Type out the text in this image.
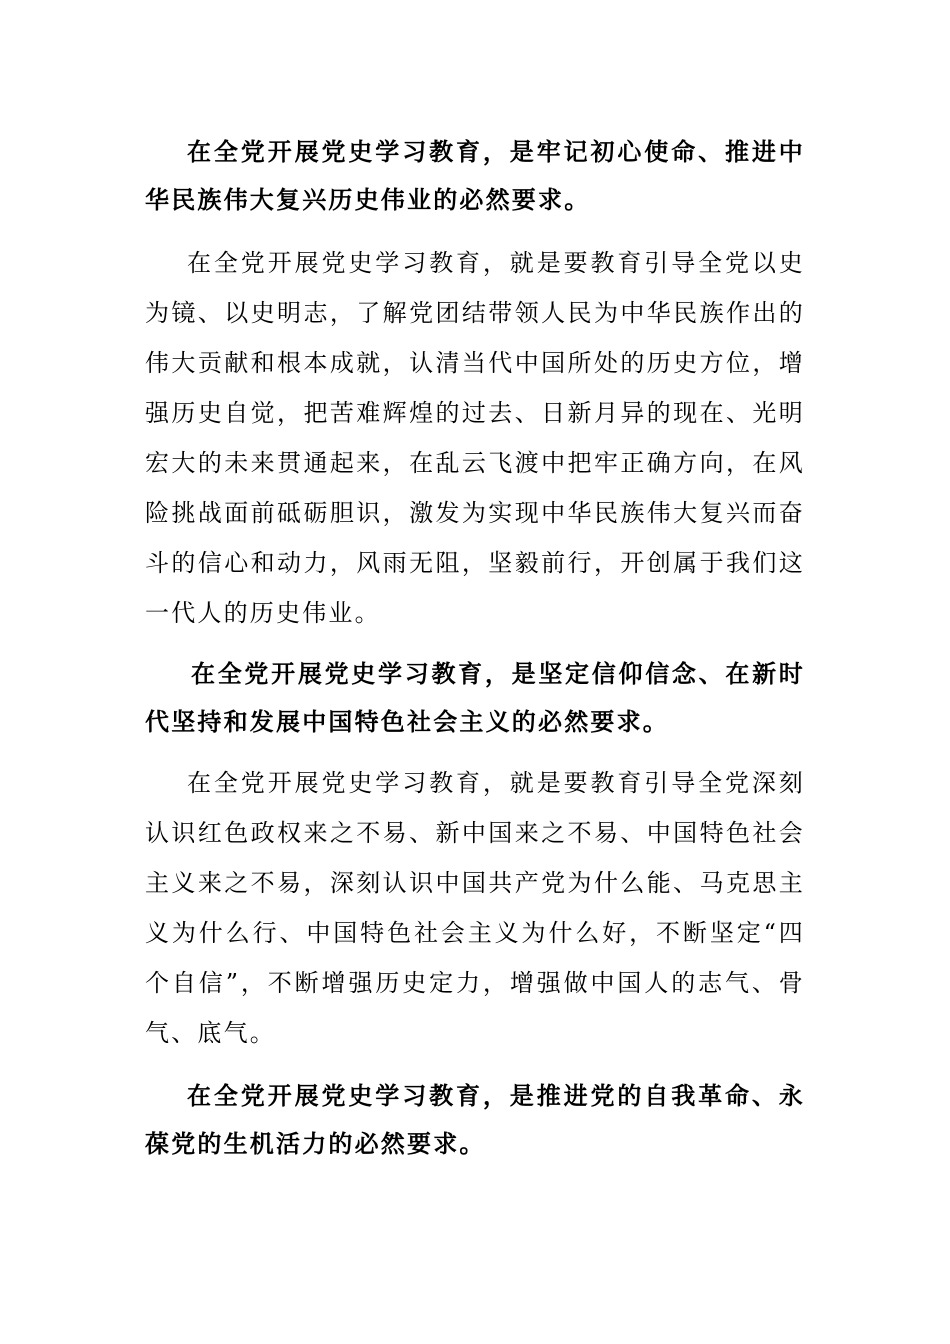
在全党开展党史学习教育，是牢记初心使命、推进中华民族伟大复兴历史伟业的必然要求。

在全党开展党史学习教育，就是要教育引导全党以史为镜、以史明志，了解党团结带领人民为中华民族作出的伟大贡献和根本成就，认清当代中国所处的历史方位，增强历史自觉，把苦难辉煌的过去、日新月异的现在、光明宏大的未来贯通起来，在乱云飞渡中把牢正确方向，在风险挑战面前砥砺胆识，激发为实现中华民族伟大复兴而奋斗的信心和动力，风雨无阻，坚毅前行，开创属于我们这一代人的历史伟业。

在全党开展党史学习教育，是坚定信仰信念、在新时代坚持和发展中国特色社会主义的必然要求。

在全党开展党史学习教育，就是要教育引导全党深刻认识红色政权来之不易、新中国来之不易、中国特色社会主义来之不易，深刻认识中国共产党为什么能、马克思主义为什么行、中国特色社会主义为什么好，不断坚定“四个自信”，不断增强历史定力，增强做中国人的志气、骨气、底气。

在全党开展党史学习教育，是推进党的自我革命、永葆党的生机活力的必然要求。
